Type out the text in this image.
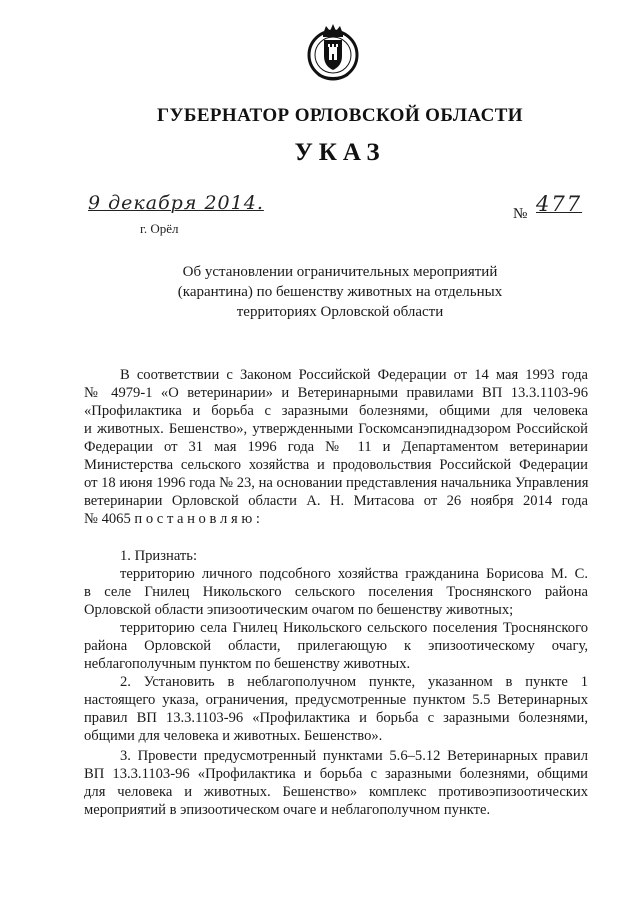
ГУБЕРНАТОР ОРЛОВСКОЙ ОБЛАСТИ
УКАЗ
9 декабря 2014.
г. Орёл
№ 477
Об установлении ограничительных мероприятий
(карантина) по бешенству животных на отдельных
территориях Орловской области
В соответствии с Законом Российской Федерации от 14 мая 1993 года
№ 4979-1 «О ветеринарии» и Ветеринарными правилами ВП 13.3.1103-96
«Профилактика и борьба с заразными болезнями, общими для человека
и животных. Бешенство», утвержденными Госкомсанэпиднадзором Российской
Федерации от 31 мая 1996 года № 11 и Департаментом ветеринарии
Министерства сельского хозяйства и продовольствия Российской Федерации
от 18 июня 1996 года № 23, на основании представления начальника Управления
ветеринарии Орловской области А. Н. Митасова от 26 ноября 2014 года
№ 4065 п о с т а н о в л я ю :
1. Признать:
территорию личного подсобного хозяйства гражданина Борисова М. С.
в селе Гнилец Никольского сельского поселения Троснянского района
Орловской области эпизоотическим очагом по бешенству животных;
территорию села Гнилец Никольского сельского поселения Троснянского
района Орловской области, прилегающую к эпизоотическому очагу,
неблагополучным пунктом по бешенству животных.
2. Установить в неблагополучном пункте, указанном в пункте 1
настоящего указа, ограничения, предусмотренные пунктом 5.5 Ветеринарных
правил ВП 13.3.1103-96 «Профилактика и борьба с заразными болезнями,
общими для человека и животных. Бешенство».
3. Провести предусмотренный пунктами 5.6–5.12 Ветеринарных правил
ВП 13.3.1103-96 «Профилактика и борьба с заразными болезнями, общими
для человека и животных. Бешенство» комплекс противоэпизоотических
мероприятий в эпизоотическом очаге и неблагополучном пункте.
